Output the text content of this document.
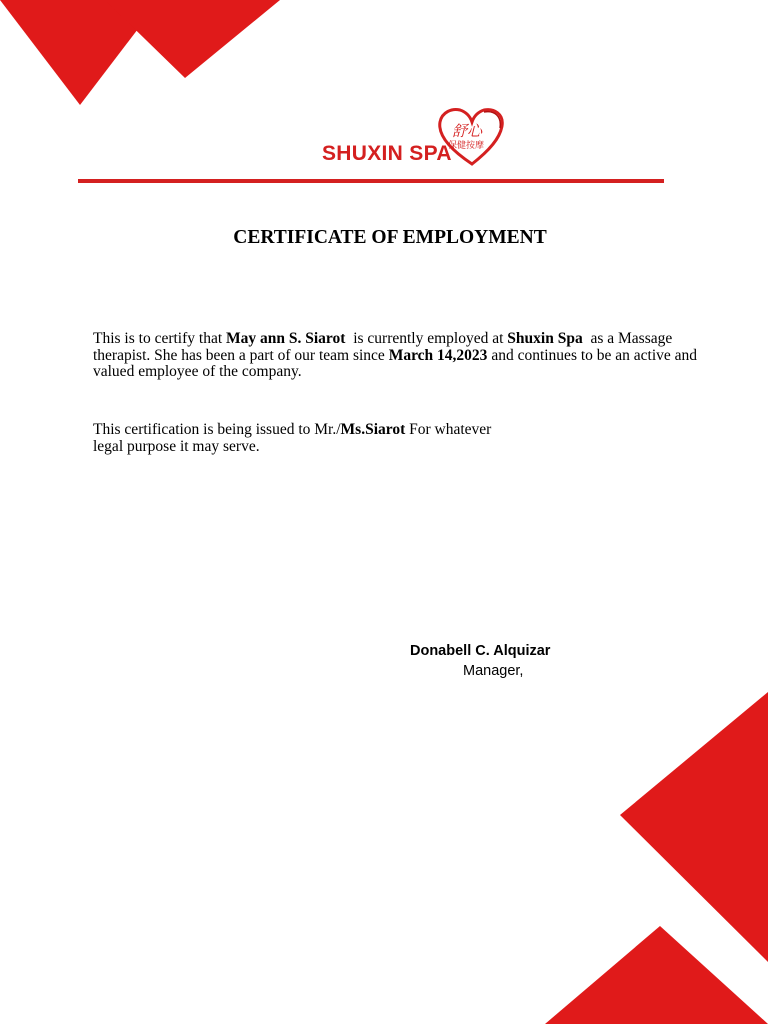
舒心
保健按摩
SHUXIN SPA
CERTIFICATE OF EMPLOYMENT
This is to certify that May ann S. Siarot  is currently employed at Shuxin Spa  as a Massage therapist. She has been a part of our team since March 14,2023 and continues to be an active and valued employee of the company.
This certification is being issued to Mr./Ms.Siarot For whatever legal purpose it may serve.
Donabell C. Alquizar
Manager,
